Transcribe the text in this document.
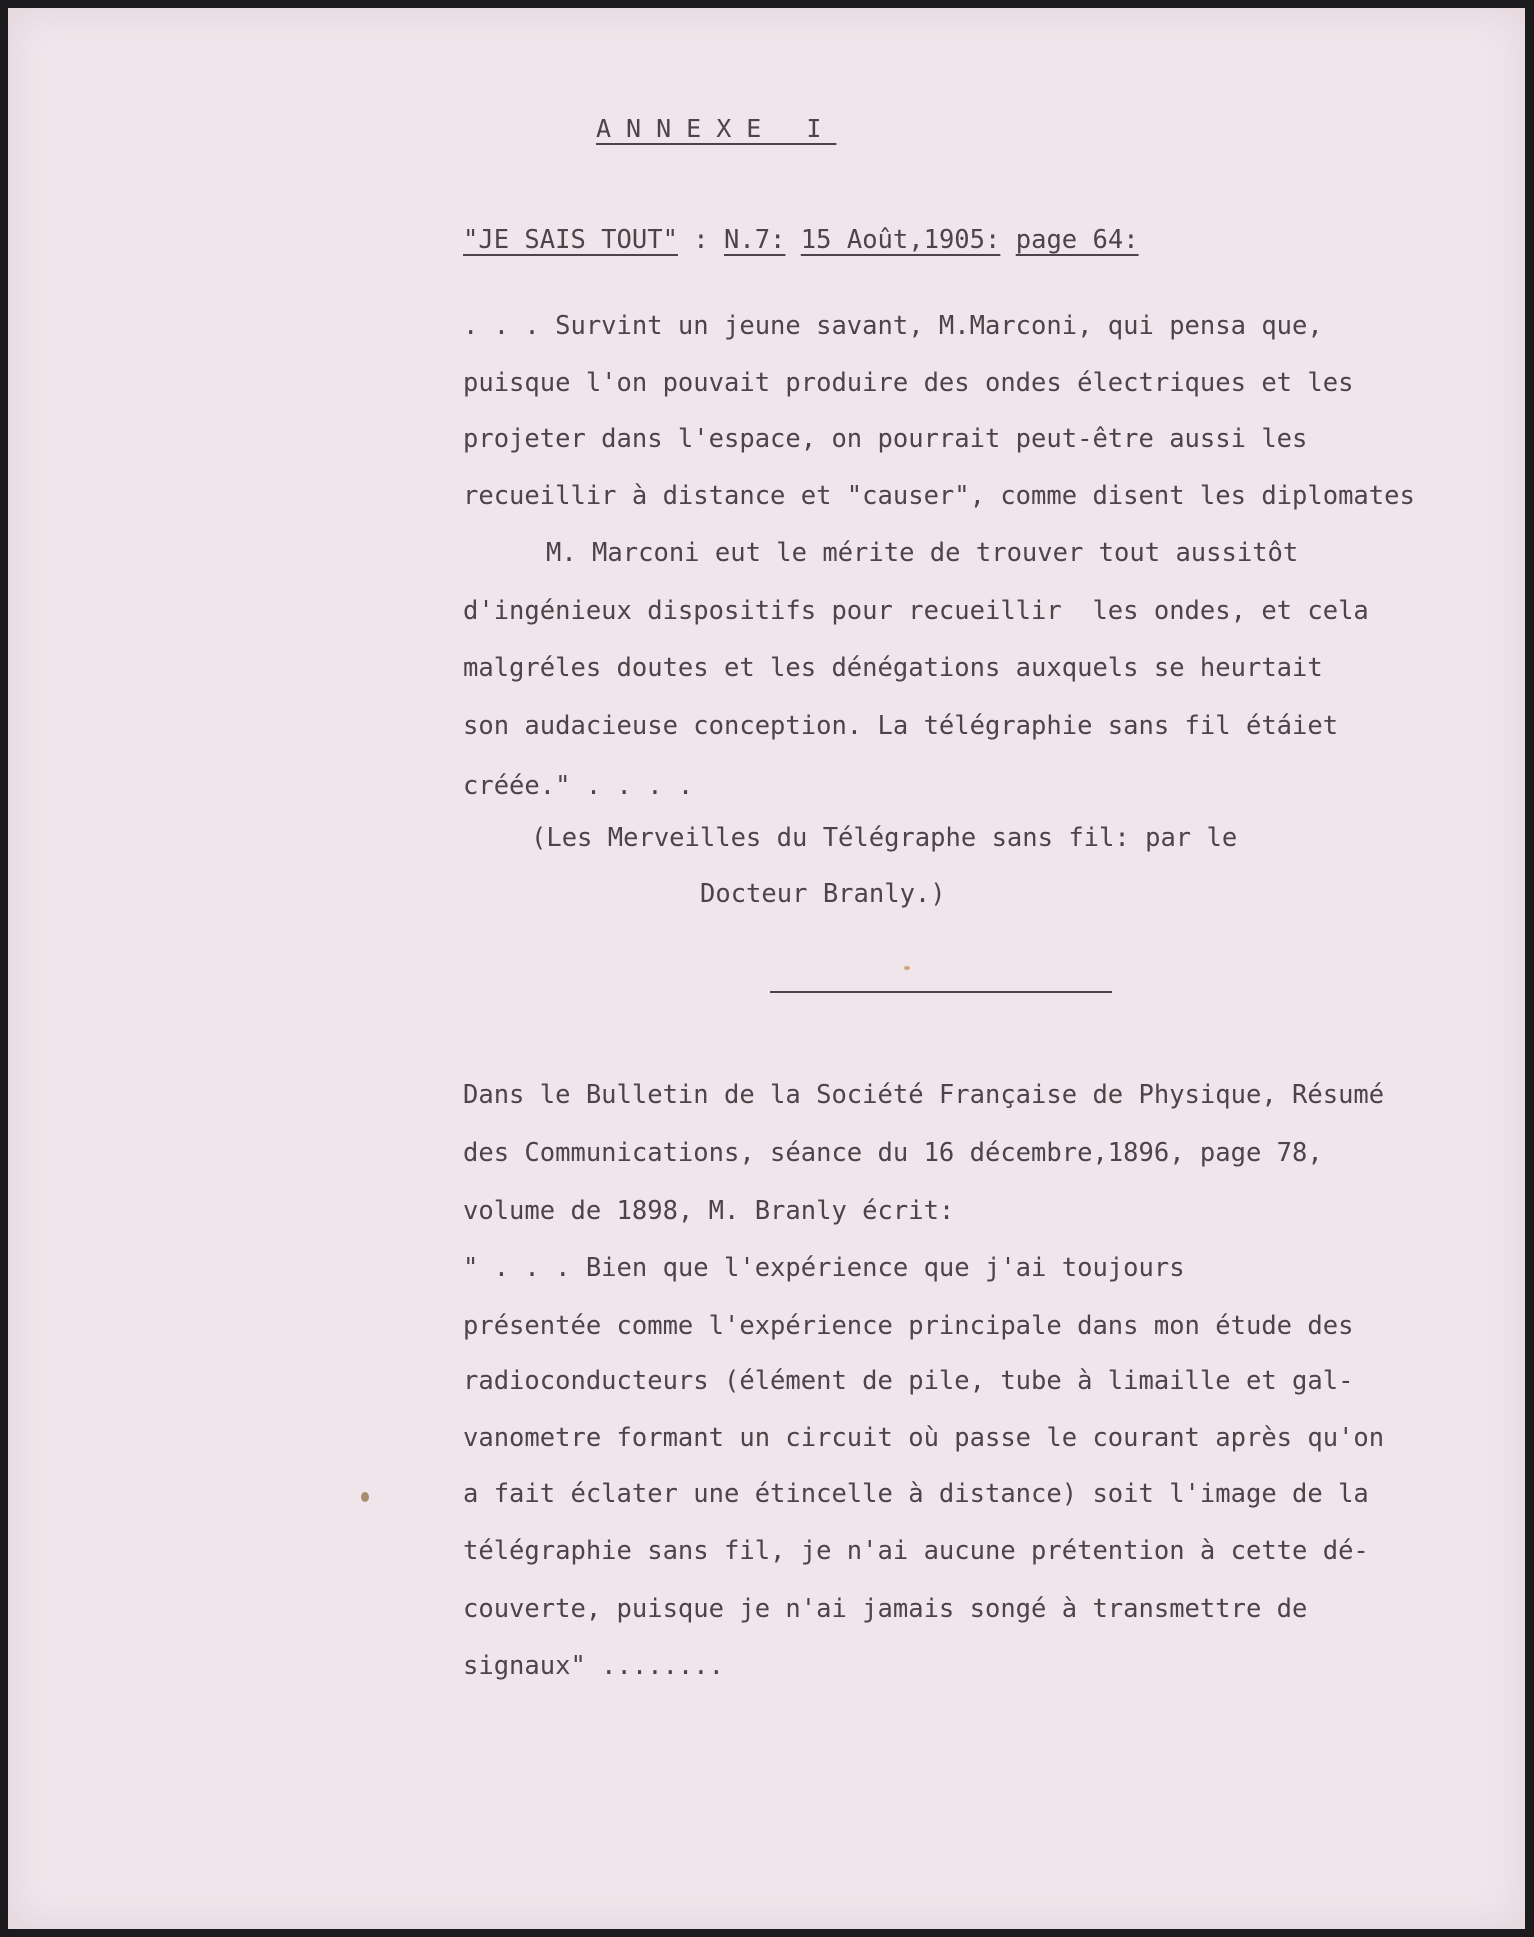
ANNEXE I
"JE SAIS TOUT" : N.7: 15 Août,1905: page 64:
. . . Survint un jeune savant, M.Marconi, qui pensa que,
puisque l'on pouvait produire des ondes électriques et les
projeter dans l'espace, on pourrait peut-être aussi les
recueillir à distance et "causer", comme disent les diplomates
M. Marconi eut le mérite de trouver tout aussitôt
d'ingénieux dispositifs pour recueillir  les ondes, et cela
malgréles doutes et les dénégations auxquels se heurtait
son audacieuse conception. La télégraphie sans fil étáiet
créée." . . . .
(Les Merveilles du Télégraphe sans fil: par le
Docteur Branly.)
Dans le Bulletin de la Société Française de Physique, Résumé
des Communications, séance du 16 décembre,1896, page 78,
volume de 1898, M. Branly écrit:
" . . . Bien que l'expérience que j'ai toujours
présentée comme l'expérience principale dans mon étude des
radioconducteurs (élément de pile, tube à limaille et gal-
vanometre formant un circuit où passe le courant après qu'on
a fait éclater une étincelle à distance) soit l'image de la
télégraphie sans fil, je n'ai aucune prétention à cette dé-
couverte, puisque je n'ai jamais songé à transmettre de
signaux" ........
